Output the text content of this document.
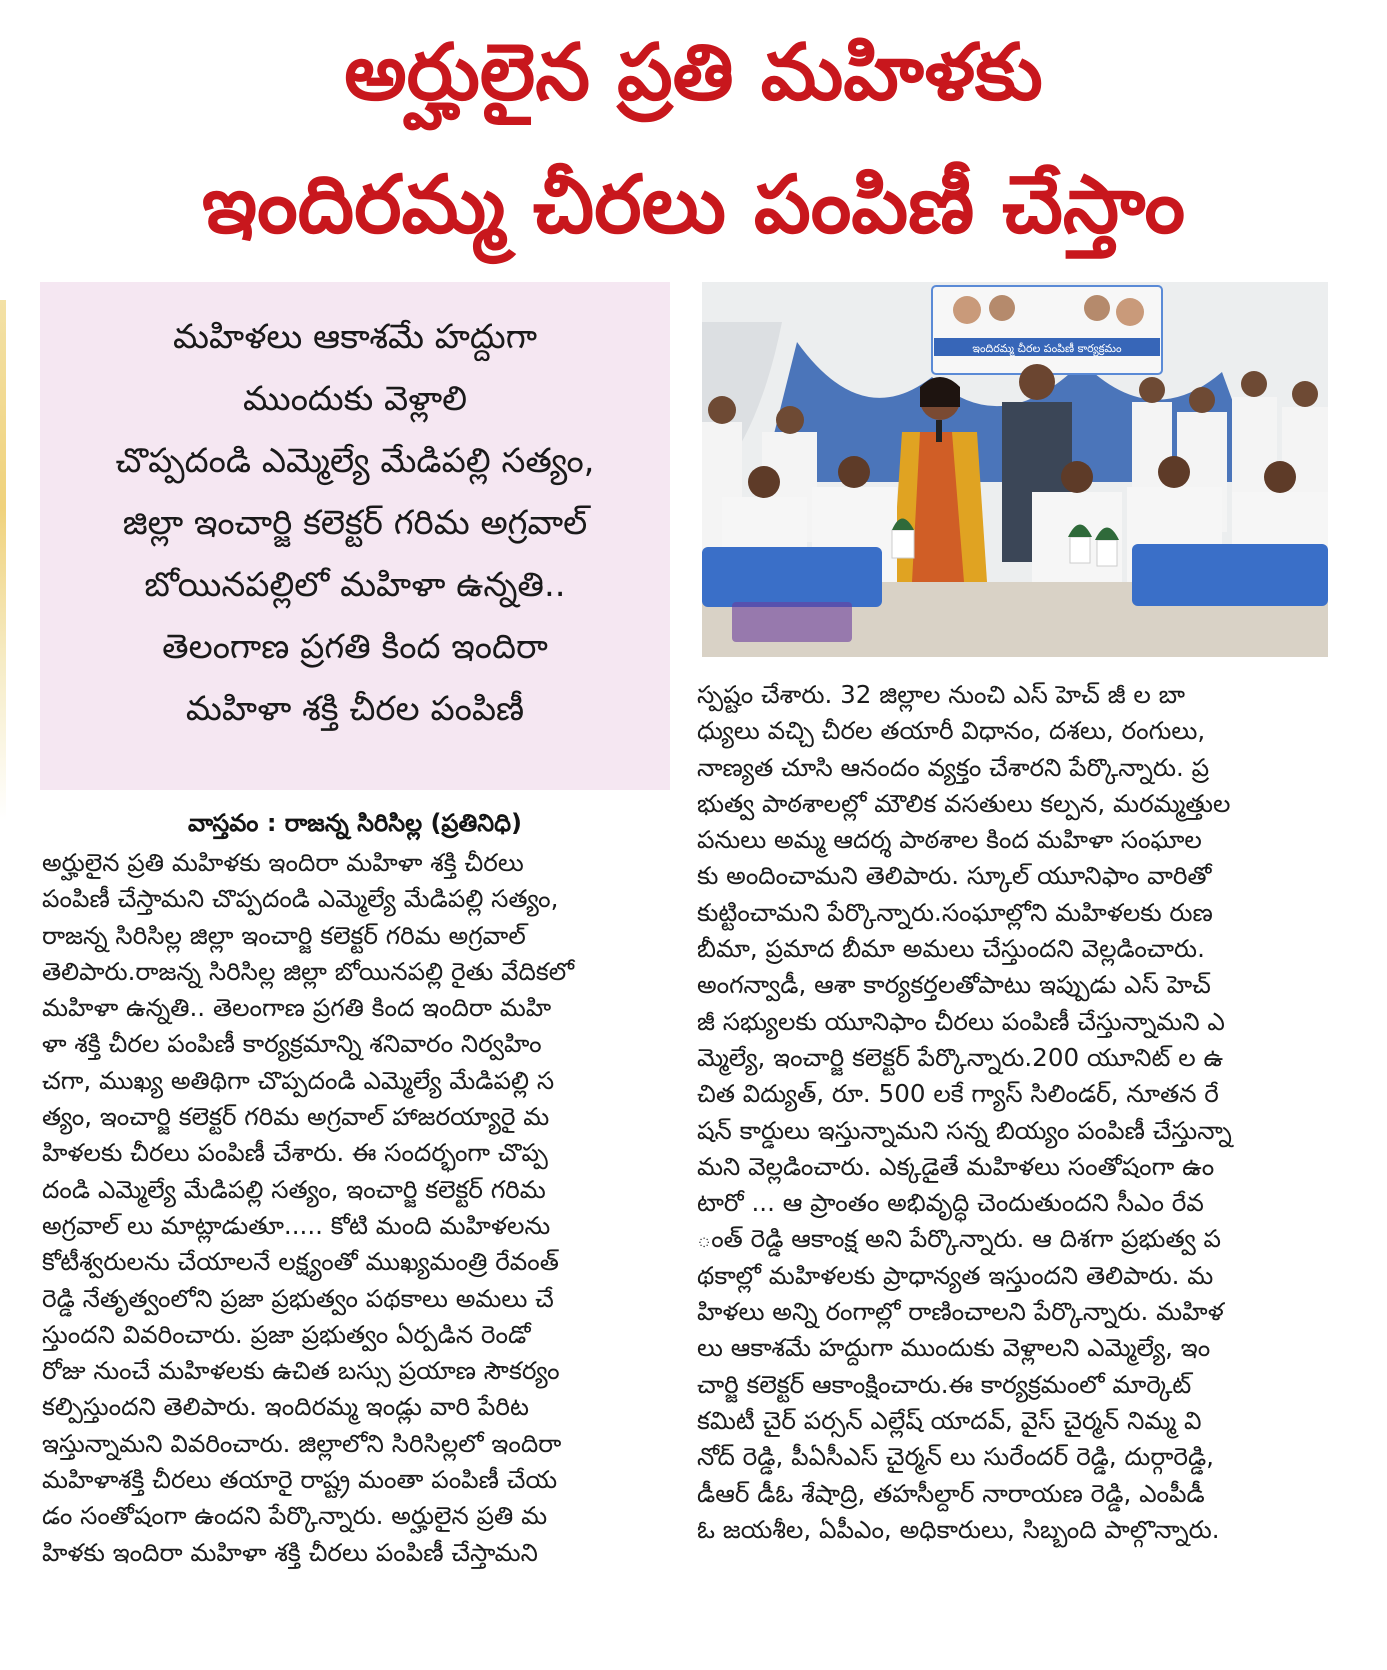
అర్హులైన ప్రతి మహిళకు
ఇందిరమ్మ చీరలు పంపిణీ చేస్తాం
మహిళలు ఆకాశమే హద్దుగా
ముందుకు వెళ్లాలి
చొప్పదండి ఎమ్మెల్యే మేడిపల్లి సత్యం,
జిల్లా ఇంచార్జి కలెక్టర్ గరిమ అగ్రవాల్
బోయినపల్లిలో మహిళా ఉన్నతి..
తెలంగాణ ప్రగతి కింద ఇందిరా
మహిళా శక్తి చీరల పంపిణీ
ఇందిరమ్మ చీరల పంపిణీ కార్యక్రమం
వాస్తవం : రాజన్న సిరిసిల్ల (ప్రతినిధి)

అర్హులైన ప్రతి మహిళకు ఇందిరా మహిళా శక్తి చీరలు

పంపిణీ చేస్తామని చొప్పదండి ఎమ్మెల్యే మేడిపల్లి సత్యం,

రాజన్న సిరిసిల్ల జిల్లా ఇంచార్జి కలెక్టర్ గరిమ అగ్రవాల్

తెలిపారు.రాజన్న సిరిసిల్ల జిల్లా బోయినపల్లి రైతు వేదికలో

మహిళా ఉన్నతి.. తెలంగాణ ప్రగతి కింద ఇందిరా మహి

ళా శక్తి చీరల పంపిణీ కార్యక్రమాన్ని శనివారం నిర్వహిం

చగా, ముఖ్య అతిథిగా చొప్పదండి ఎమ్మెల్యే మేడిపల్లి స

త్యం, ఇంచార్జి కలెక్టర్ గరిమ అగ్రవాల్ హాజరయ్యారై మ

హిళలకు చీరలు పంపిణీ చేశారు. ఈ సందర్భంగా చొప్ప

దండి ఎమ్మెల్యే మేడిపల్లి సత్యం, ఇంచార్జి కలెక్టర్ గరిమ

అగ్రవాల్ లు మాట్లాడుతూ..... కోటి మంది మహిళలను

కోటీశ్వరులను చేయాలనే లక్ష్యంతో ముఖ్యమంత్రి రేవంత్

రెడ్డి నేతృత్వంలోని ప్రజా ప్రభుత్వం పథకాలు అమలు చే

స్తుందని వివరించారు. ప్రజా ప్రభుత్వం ఏర్పడిన రెండో

రోజు నుంచే మహిళలకు ఉచిత బస్సు ప్రయాణ సౌకర్యం

కల్పిస్తుందని తెలిపారు. ఇందిరమ్మ ఇండ్లు వారి పేరిట

ఇస్తున్నామని వివరించారు. జిల్లాలోని సిరిసిల్లలో ఇందిరా

మహిళాశక్తి చీరలు తయారై రాష్ట్ర మంతా పంపిణీ చేయ

డం సంతోషంగా ఉందని పేర్కొన్నారు. అర్హులైన ప్రతి మ

హిళకు ఇందిరా మహిళా శక్తి చీరలు పంపిణీ చేస్తామని

స్పష్టం చేశారు. 32 జిల్లాల నుంచి ఎస్ హెచ్ జీ ల బా

ధ్యులు వచ్చి చీరల తయారీ విధానం, దశలు, రంగులు,

నాణ్యత చూసి ఆనందం వ్యక్తం చేశారని పేర్కొన్నారు. ప్ర

భుత్వ పాఠశాలల్లో మౌలిక వసతులు కల్పన, మరమ్మత్తుల

పనులు అమ్మ ఆదర్శ పాఠశాల కింద మహిళా సంఘాల

కు అందించామని తెలిపారు. స్కూల్ యూనిఫాం వారితో

కుట్టించామని పేర్కొన్నారు.సంఘాల్లోని మహిళలకు రుణ

బీమా, ప్రమాద బీమా అమలు చేస్తుందని వెల్లడించారు.

అంగన్వాడీ, ఆశా కార్యకర్తలతోపాటు ఇప్పుడు ఎస్ హెచ్

జీ సభ్యులకు యూనిఫాం చీరలు పంపిణీ చేస్తున్నామని ఎ

మ్మెల్యే, ఇంచార్జి కలెక్టర్ పేర్కొన్నారు.200 యూనిట్ ల ఉ

చిత విద్యుత్, రూ. 500 లకే గ్యాస్ సిలిండర్, నూతన రే

షన్ కార్డులు ఇస్తున్నామని సన్న బియ్యం పంపిణీ చేస్తున్నా

మని వెల్లడించారు. ఎక్కడైతే మహిళలు సంతోషంగా ఉం

టారో ... ఆ ప్రాంతం అభివృద్ధి చెందుతుందని సీఎం రేవ

ంత్ రెడ్డి ఆకాంక్ష అని పేర్కొన్నారు. ఆ దిశగా ప్రభుత్వ ప

థకాల్లో మహిళలకు ప్రాధాన్యత ఇస్తుందని తెలిపారు. మ

హిళలు అన్ని రంగాల్లో రాణించాలని పేర్కొన్నారు. మహిళ

లు ఆకాశమే హద్దుగా ముందుకు వెళ్లాలని ఎమ్మెల్యే, ఇం

చార్జి కలెక్టర్ ఆకాంక్షించారు.ఈ కార్యక్రమంలో మార్కెట్

కమిటీ చైర్ పర్సన్ ఎల్లేష్ యాదవ్, వైస్ చైర్మన్ నిమ్మ వి

నోద్ రెడ్డి, పీఏసీఎస్ చైర్మన్ లు సురేందర్ రెడ్డి, దుర్గారెడ్డి,

డీఆర్ డీఓ శేషాద్రి, తహసీల్దార్ నారాయణ రెడ్డి, ఎంపీడీ

ఓ జయశీల, ఏపీఎం, అధికారులు, సిబ్బంది పాల్గొన్నారు.
